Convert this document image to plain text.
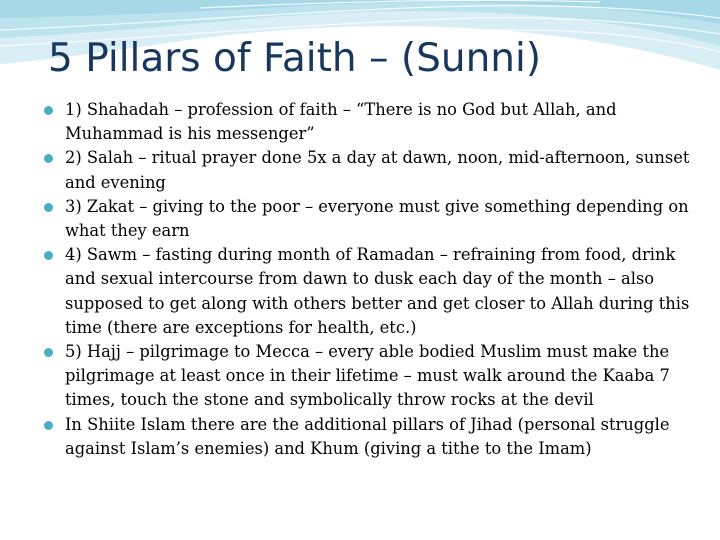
5 Pillars of Faith – (Sunni)
1) Shahadah – profession of faith – “There is no God but Allah, and Muhammad is his messenger”
2) Salah – ritual prayer done 5x a day at dawn, noon, mid-afternoon, sunset and evening
3) Zakat – giving to the poor – everyone must give something depending on what they earn
4) Sawm – fasting during month of Ramadan – refraining from food, drink and sexual intercourse from dawn to dusk each day of the month – also supposed to get along with others better and get closer to Allah during this time (there are exceptions for health, etc.)
5) Hajj – pilgrimage to Mecca – every able bodied Muslim must make the pilgrimage at least once in their lifetime – must walk around the Kaaba 7 times, touch the stone and symbolically throw rocks at the devil
In Shiite Islam there are the additional pillars of Jihad (personal struggle against Islam’s enemies) and Khum (giving a tithe to the Imam)
